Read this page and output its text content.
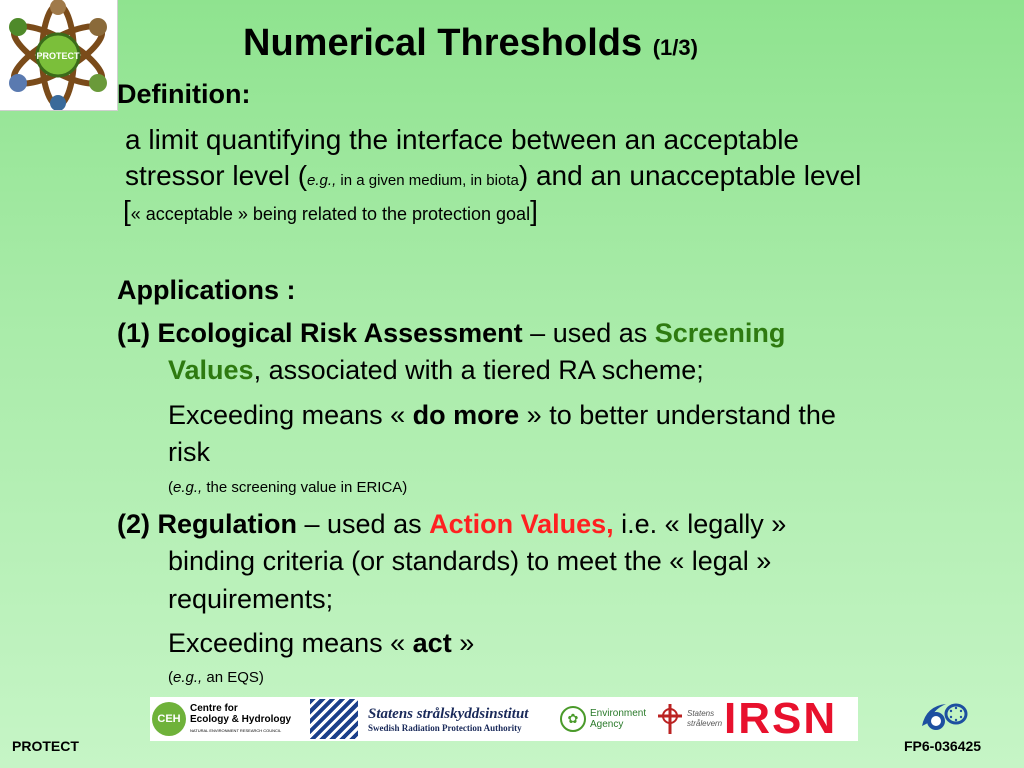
PROTECT	Numerical Thresholds (1/3)
Definition:
a limit quantifying the interface between an acceptable
stressor level (e.g., in a given medium, in biota) and an unacceptable level
[« acceptable » being related to the protection goal]
Applications :
(1) Ecological Risk Assessment – used as Screening
Values, associated with a tiered RA scheme;
Exceeding means « do more » to better understand the
risk
(e.g., the screening value in ERICA)
(2) Regulation – used as Action Values, i.e. « legally »
binding criteria (or standards) to meet the « legal »
requirements;
Exceeding means « act »
(e.g., an EQS)
CEH
Centre for
Ecology & Hydrology
NATURAL ENVIRONMENT RESEARCH COUNCIL
Statens strålskyddsinstitut
Swedish Radiation Protection Authority
✿	Environment
Agency
Statens
strålevern IRSN
PROTECT	FP6-036425
